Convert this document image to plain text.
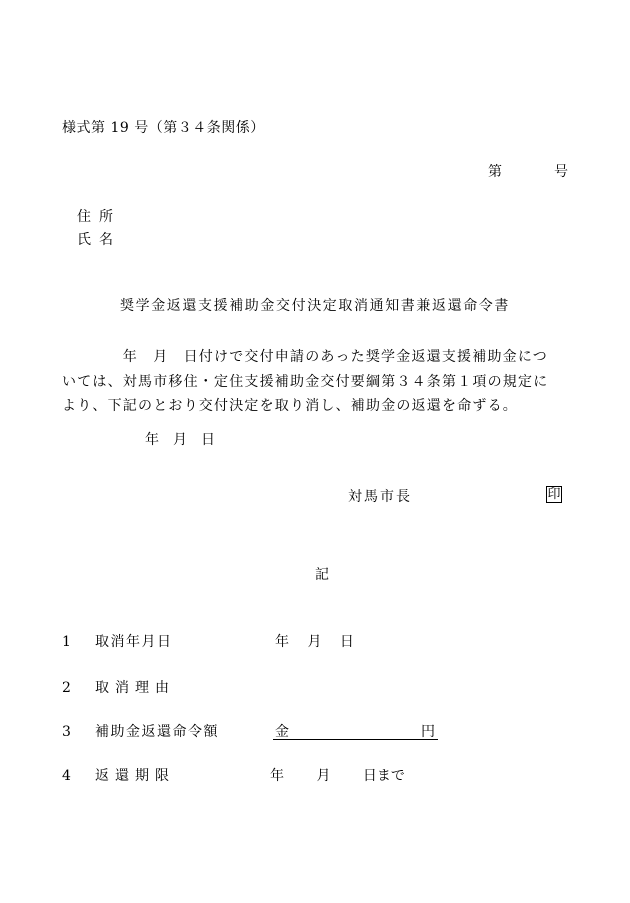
様式第 19 号（第３４条関係）
第	号
住所
氏名
奨学金返還支援補助金交付決定取消通知書兼返還命令書
　　　　年　月　日付けで交付申請のあった奨学金返還支援補助金につ
いては、対馬市移住・定住支援補助金交付要綱第３４条第１項の規定に
より、下記のとおり交付決定を取り消し、補助金の返還を命ずる。
年　月　日
対馬市長	印
記
1 取消年月日	年　 月　 日
2 取消理由
3 補助金返還命令額	金	円
4 返還期限	年　　 月　　 日まで
